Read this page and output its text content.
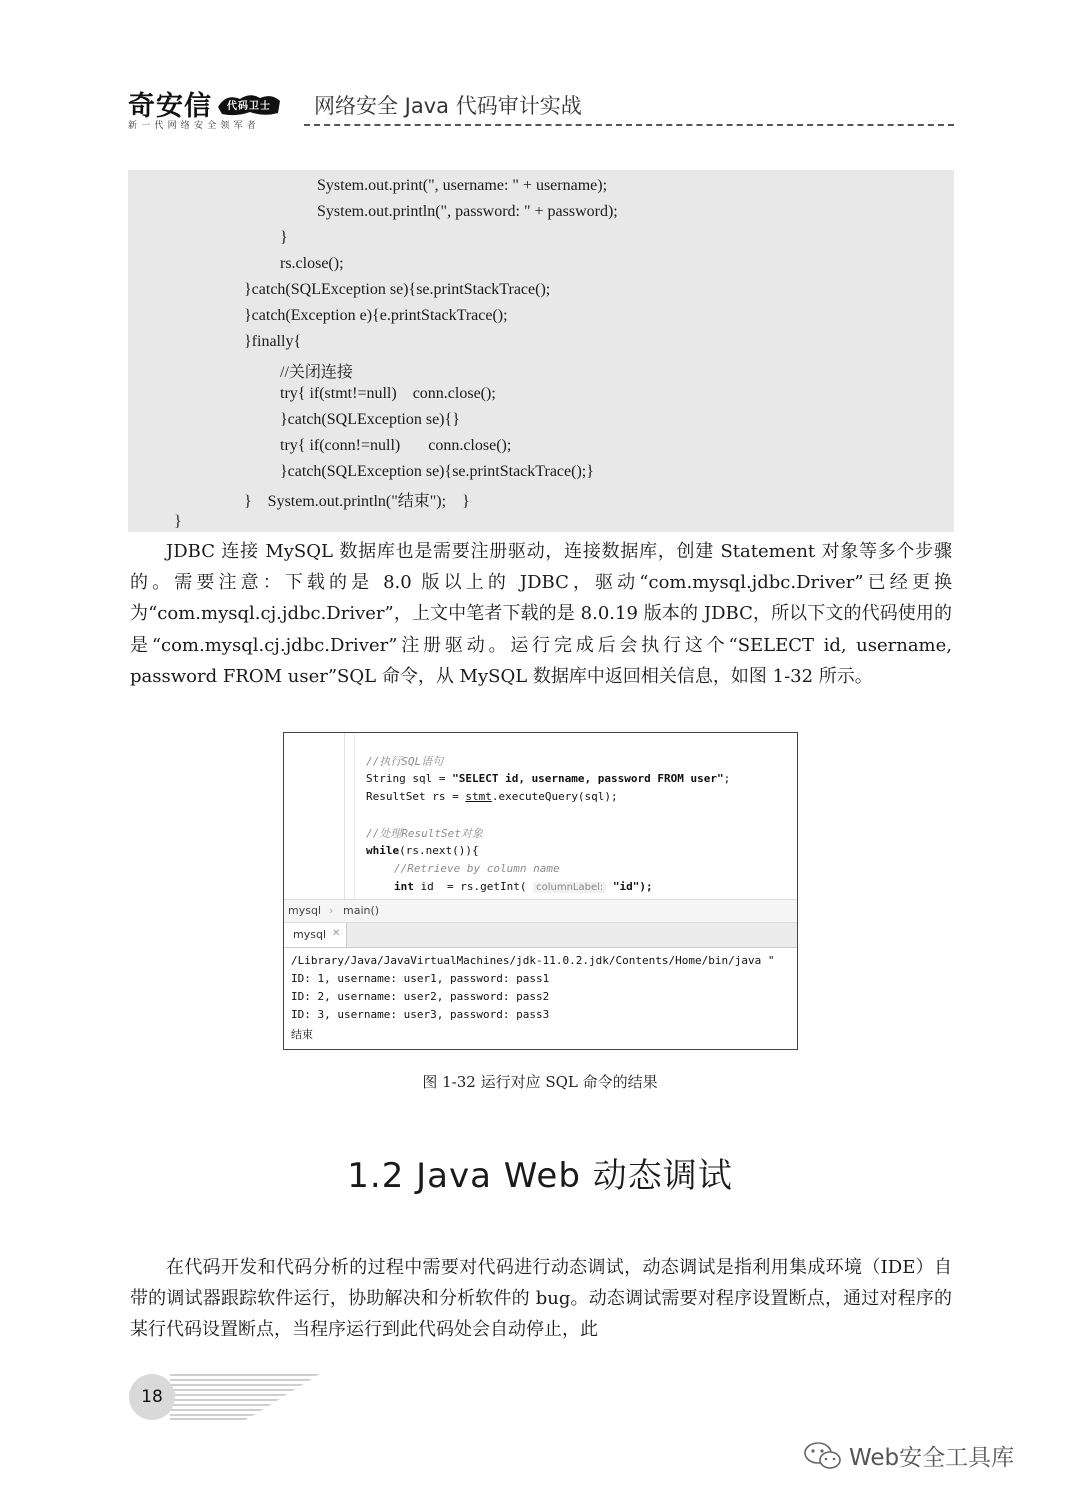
奇安信 代码卫士
新一代网络安全领军者
网络安全 Java 代码审计实战
System.out.print(", username: " + username);
System.out.println(", password: " + password);
}
rs.close();
}catch(SQLException se){se.printStackTrace();
}catch(Exception e){e.printStackTrace();
}finally{
//关闭连接
try{ if(stmt!=null)    conn.close();
}catch(SQLException se){}
try{ if(conn!=null)       conn.close();
}catch(SQLException se){se.printStackTrace();}
}    System.out.println("结束");    }
}
JDBC 连接 MySQL 数据库也是需要注册驱动，连接数据库，创建 Statement 对象等多个步骤的。需要注意：下载的是 8.0 版以上的 JDBC，驱动“com.mysql.jdbc.Driver”已经更换为“com.mysql.cj.jdbc.Driver”，上文中笔者下载的是 8.0.19 版本的 JDBC，所以下文的代码使用的是“com.mysql.cj.jdbc.Driver”注册驱动。运行完成后会执行这个“SELECT id, username, password FROM user”SQL 命令，从 MySQL 数据库中返回相关信息，如图 1-32 所示。
//执行SQL语句
String sql = "SELECT id, username, password FROM user";
ResultSet rs = stmt.executeQuery(sql);
//处理ResultSet对象
while(rs.next()){
//Retrieve by column name
int id  = rs.getInt( columnLabel: "id");
mysql › main()
mysql ✕
/Library/Java/JavaVirtualMachines/jdk-11.0.2.jdk/Contents/Home/bin/java "
ID: 1, username: user1, password: pass1
ID: 2, username: user2, password: pass2
ID: 3, username: user3, password: pass3
结束
图 1-32 运行对应 SQL 命令的结果
1.2 Java Web 动态调试
在代码开发和代码分析的过程中需要对代码进行动态调试，动态调试是指利用集成环境（IDE）自带的调试器跟踪软件运行，协助解决和分析软件的 bug。动态调试需要对程序设置断点，通过对程序的某行代码设置断点，当程序运行到此代码处会自动停止，此
18
Web安全工具库
